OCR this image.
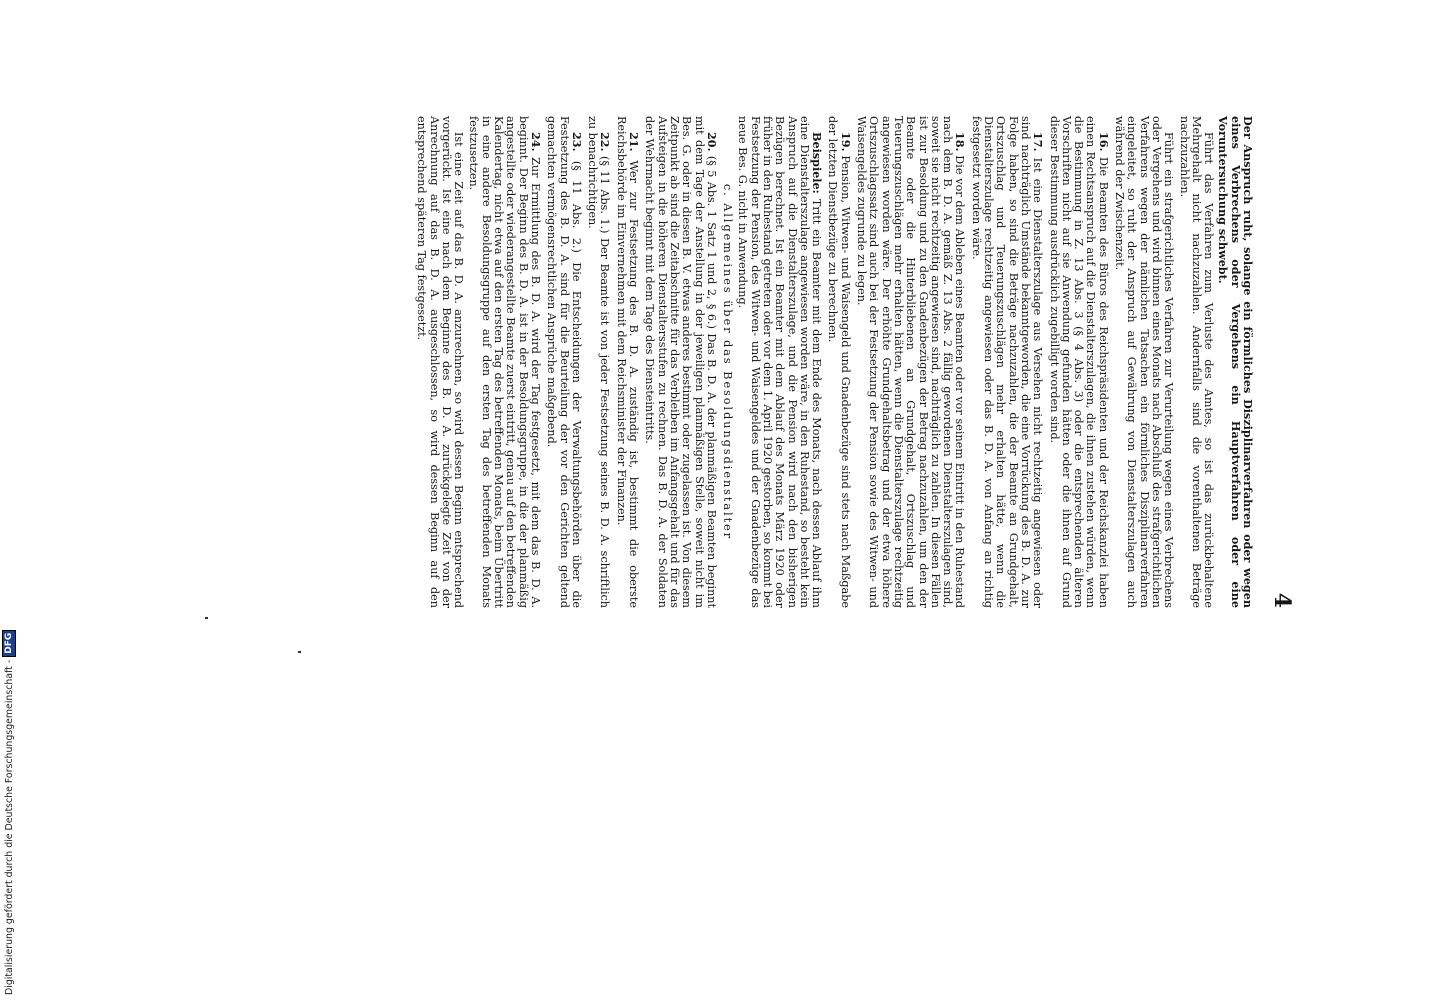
Digitalisierung gefördert durch die Deutsche Forschungsgemeinschaft -
DFG
4

Der Anspruch ruht, solange ein förmliches Disziplinarverfahren oder wegen eines Verbrechens oder Vergehens ein Hauptverfahren oder eine Voruntersuchung schwebt.

Führt das Verfahren zum Verluste des Amtes, so ist das zurückbehaltene Mehrgehalt nicht nachzuzahlen. Andernfalls sind die vorenthaltenen Beträge nachzuzahlen.

Führt ein strafgerichtliches Verfahren zur Verurteilung wegen eines Verbrechens oder Vergehens und wird binnen eines Monats nach Abschluß des strafgerichtlichen Verfahrens wegen der nämlichen Tatsachen ein förmliches Disziplinarverfahren eingeleitet, so ruht der Anspruch auf Gewährung von Dienstalterszulagen auch während der Zwischenzeit.

16. Die Beamten des Büros des Reichspräsidenten und der Reichskanzlei haben einen Rechtsanspruch auf die Dienstalterszulagen, die ihnen zustehen würden, wenn die Bestimmung in Z. 13 Abs. 3 (§ 4 Abs. 3) oder die entsprechenden älteren Vorschriften nicht auf sie Anwendung gefunden hätten oder die ihnen auf Grund dieser Bestimmung ausdrücklich zugebilligt worden sind.

17. Ist eine Dienstalterszulage aus Versehen nicht rechtzeitig angewiesen oder sind nachträglich Umstände bekanntgeworden, die eine Vorrückung des B. D. A. zur Folge haben, so sind die Beträge nachzuzahlen, die der Beamte an Grundgehalt, Ortszuschlag und Teuerungszuschlägen mehr erhalten hätte, wenn die Dienstalterszulage rechtzeitig angewiesen oder das B. D. A. von Anfang an richtig festgesetzt worden wäre.

18. Die vor dem Ableben eines Beamten oder vor seinem Eintritt in den Ruhestand nach dem B. D. A. gemäß Z. 13 Abs. 2 fällig gewordenen Dienstalterszulagen sind, soweit sie nicht rechtzeitig angewiesen sind, nachträglich zu zahlen. In diesen Fällen ist zur Besoldung und zu den Gnadenbezügen der Betrag nachzuzahlen, um den der Beamte oder die Hinterbliebenen an Grundgehalt, Ortszuschlag und Teuerungszuschlägen mehr erhalten hätten, wenn die Dienstalterszulage rechtzeitig angewiesen worden wäre. Der erhöhte Grundgehaltsbetrag und der etwa höhere Ortszuschlagssatz sind auch bei der Festsetzung der Pension sowie des Witwen- und Waisengeldes zugrunde zu legen.

19. Pension, Witwen- und Waisengeld und Gnadenbezüge sind stets nach Maßgabe der letzten Dienstbezüge zu berechnen.

Beispiele: Tritt ein Beamter mit dem Ende des Monats, nach dessen Ablauf ihm eine Dienstalterszulage angewiesen worden wäre, in den Ruhestand, so besteht kein Anspruch auf die Dienstalterszulage, und die Pension wird nach den bisherigen Bezügen berechnet. Ist ein Beamter mit dem Ablauf des Monats März 1920 oder früher in den Ruhestand getreten oder vor dem 1. April 1920 gestorben, so kommt bei Festsetzung der Pension, des Witwen- und Waisengeldes und der Gnadenbezüge das neue Bes. G. nicht in Anwendung.

c. Allgemeines über das Besoldungsdienstalter

20. (§ 5 Abs. 1 Satz 1 und 2, § 6.) Das B. D. A. der planmäßigen Beamten beginnt mit dem Tage der Anstellung in der jeweiligen planmäßigen Stelle, soweit nicht im Bes. G. oder in diesen B. V. etwas anderes bestimmt oder zugelassen ist. Von diesem Zeitpunkt ab sind die Zeitabschnitte für das Verbleiben im Anfangsgehalt und für das Aufsteigen in die höheren Dienstaltersstufen zu rechnen. Das B. D. A. der Soldaten der Wehrmacht beginnt mit dem Tage des Diensteintritts.

21. Wer zur Festsetzung des B. D. A. zuständig ist, bestimmt die oberste Reichsbehörde im Einvernehmen mit dem Reichsminister der Finanzen.

22. (§ 11 Abs. 1.) Der Beamte ist von jeder Festsetzung seines B. D. A. schriftlich zu benachrichtigen.

23. (§ 11 Abs. 2.) Die Entscheidungen der Verwaltungsbehörden über die Festsetzung des B. D. A. sind für die Beurteilung der vor den Gerichten geltend gemachten vermögensrechtlichen Ansprüche maßgebend.

24. Zur Ermittlung des B. D. A. wird der Tag festgesetzt, mit dem das B. D. A. beginnt. Der Beginn des B. D. A. ist in der Besoldungsgruppe, in die der planmäßig angestellte oder wiederangestellte Beamte zuerst eintritt, genau auf den betreffenden Kalendertag, nicht etwa auf den ersten Tag des betreffenden Monats, beim Übertritt in eine andere Besoldungsgruppe auf den ersten Tag des betreffenden Monats festzusetzen.

Ist eine Zeit auf das B. D. A. anzurechnen, so wird dessen Beginn entsprechend vorgerückt. Ist eine nach dem Beginne des B. D. A. zurückgelegte Zeit von der Anrechnung auf das B. D. A. ausgeschlossen, so wird dessen Beginn auf den entsprechend späteren Tag festgesetzt.
